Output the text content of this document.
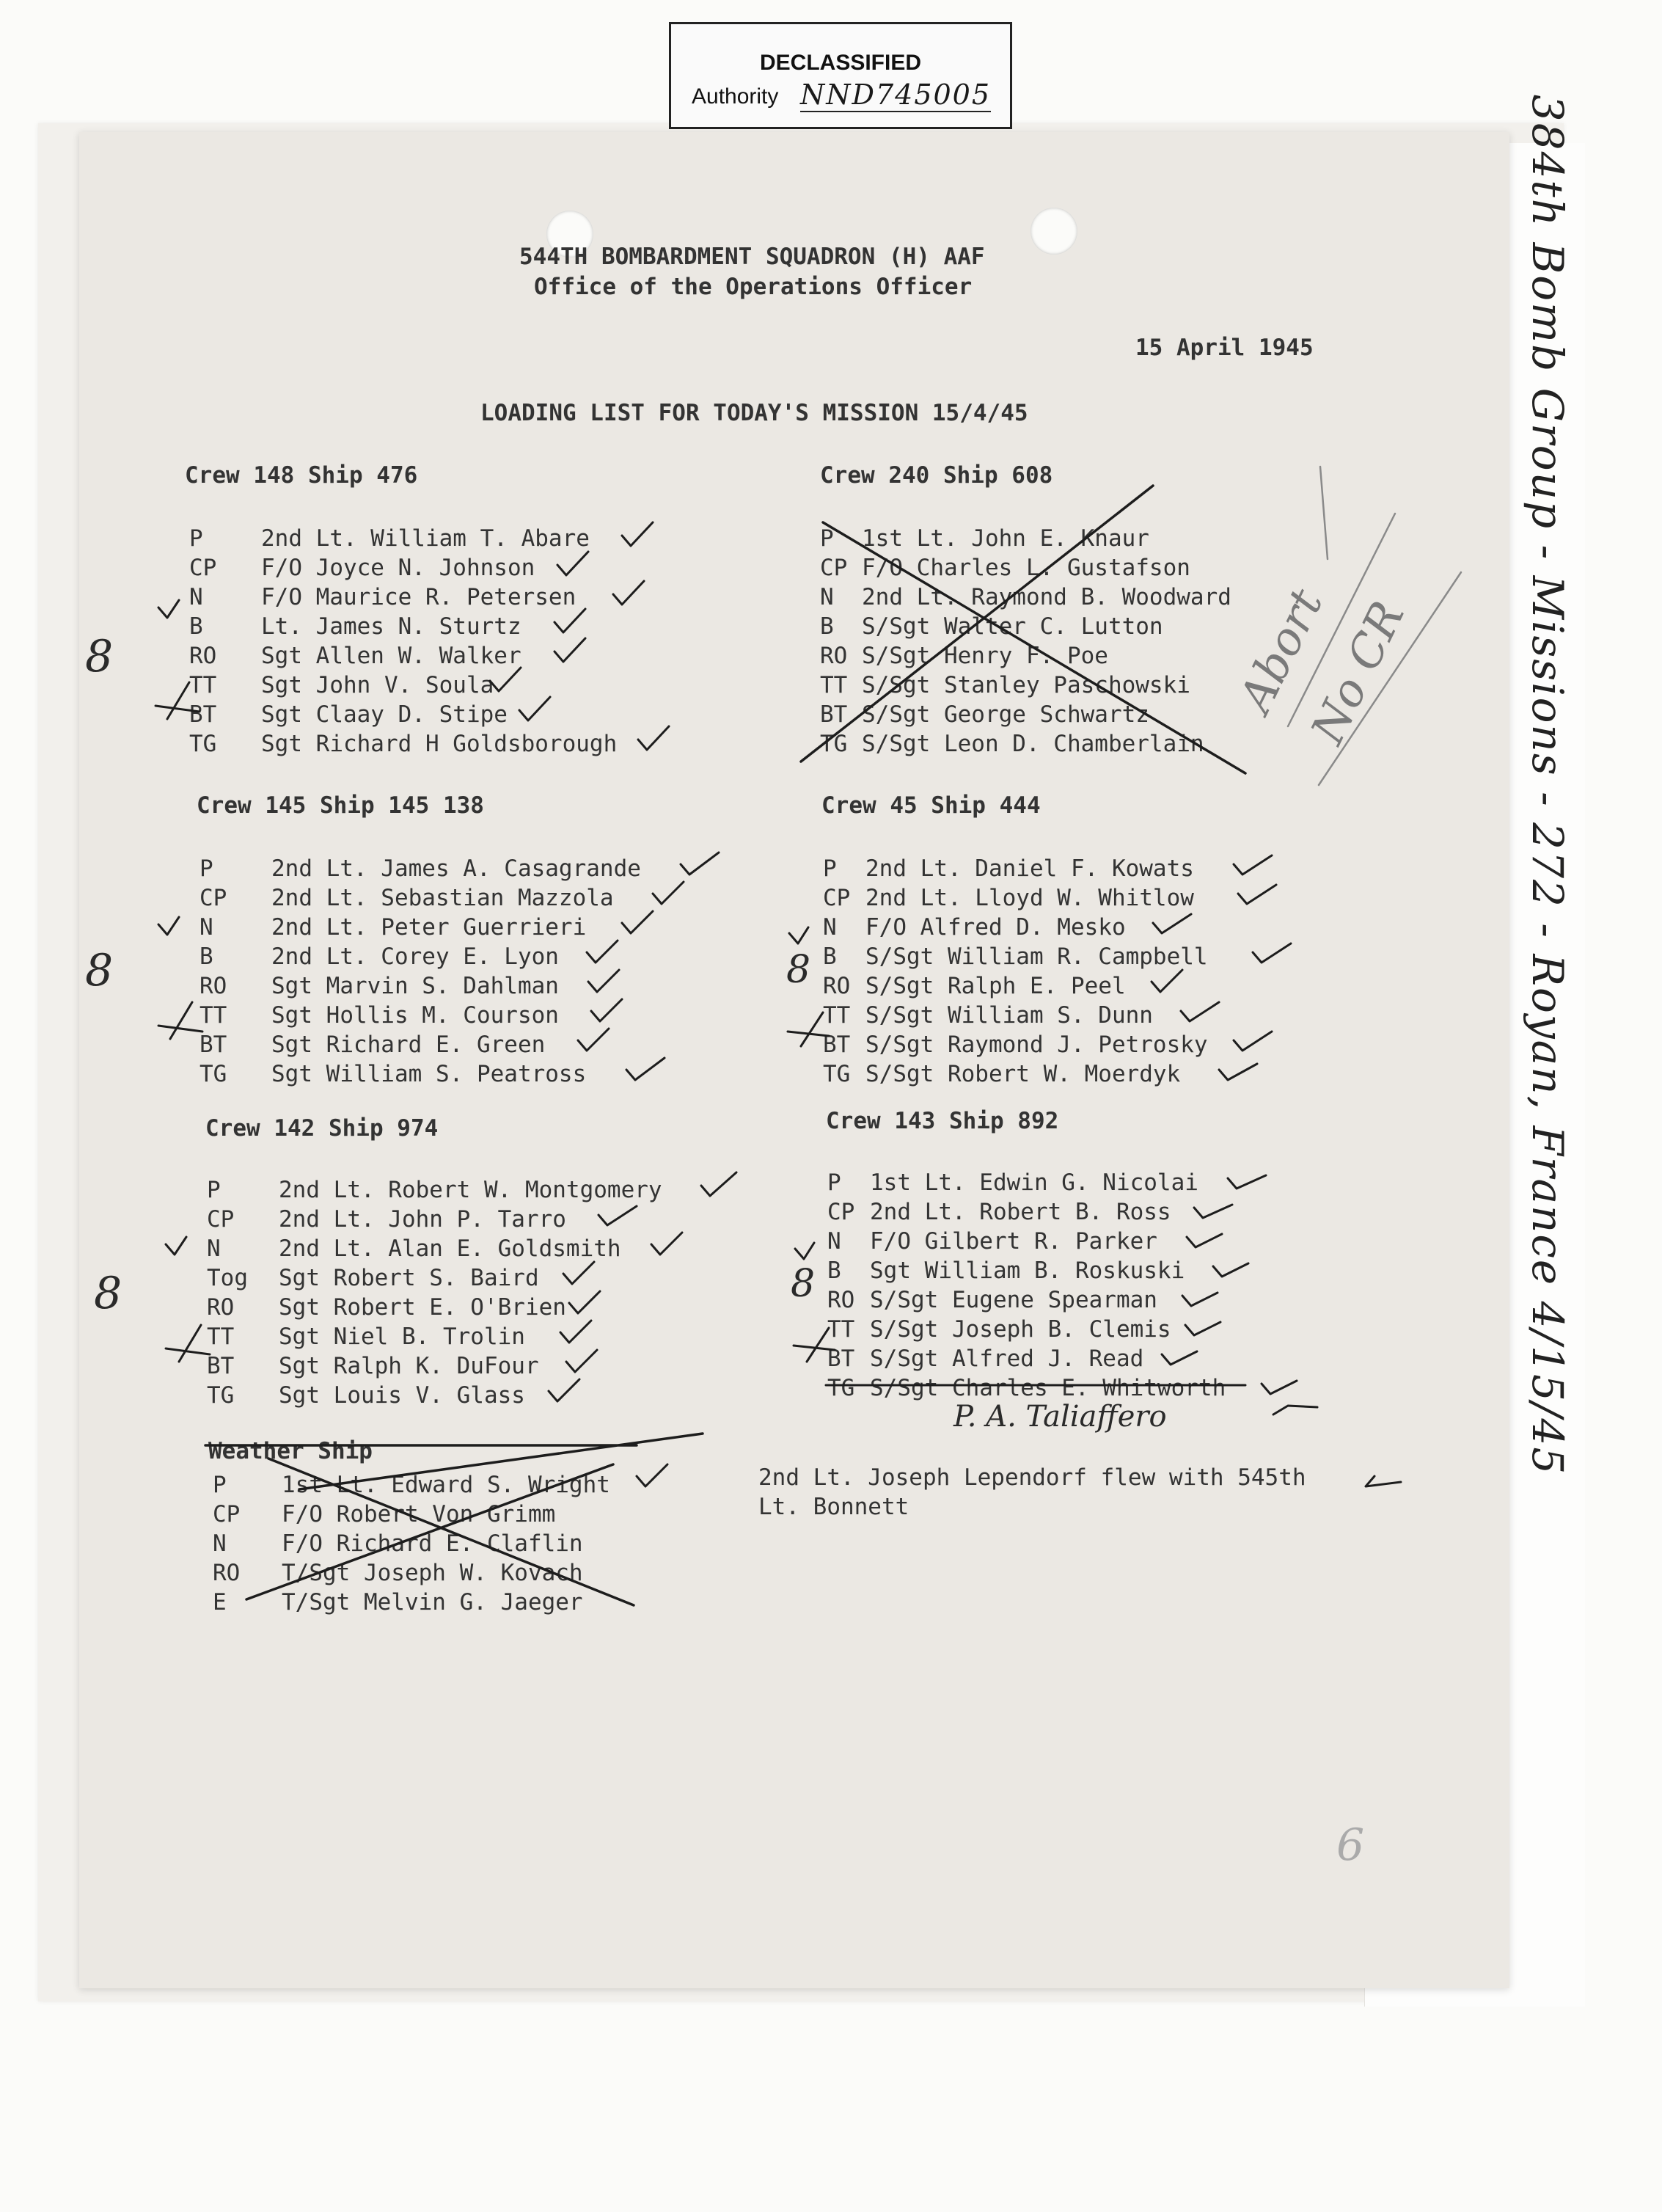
DECLASSIFIED
Authority NND745005	384th Bomb Group - Missions - 272 - Royan, France 4/15/45
544TH BOMBARDMENT SQUADRON (H) AAF
Office of the Operations Officer
15 April 1945
LOADING LIST FOR TODAY'S MISSION 15/4/45
Crew 148 Ship 476
P	2nd Lt. William T. Abare
CP F/O Joyce N. Johnson
N	F/O Maurice R. Petersen
B	Lt. James N. Sturtz
RO Sgt Allen W. Walker
TT Sgt John V. Soula
BT Sgt Claay D. Stipe
TG Sgt Richard H Goldsborough
Crew 240 Ship 608
P 1st Lt. John E. Knaur
CP F/O Charles L. Gustafson
N 2nd Lt. Raymond B. Woodward
B S/Sgt Walter C. Lutton
RO S/Sgt Henry F. Poe
TT S/Sgt Stanley Paschowski
BT S/Sgt George Schwartz
TG S/Sgt Leon D. Chamberlain
Crew 145 Ship 145 138
P	2nd Lt. James A. Casagrande
CP 2nd Lt. Sebastian Mazzola
N	2nd Lt. Peter Guerrieri
B	2nd Lt. Corey E. Lyon
RO Sgt Marvin S. Dahlman
TT Sgt Hollis M. Courson
BT Sgt Richard E. Green
TG Sgt William S. Peatross
Crew 45 Ship 444
P 2nd Lt. Daniel F. Kowats
CP 2nd Lt. Lloyd W. Whitlow
N F/O Alfred D. Mesko
B S/Sgt William R. Campbell
RO S/Sgt Ralph E. Peel
TT S/Sgt William S. Dunn
BT S/Sgt Raymond J. Petrosky
TG S/Sgt Robert W. Moerdyk
Crew 142 Ship 974
P	2nd Lt. Robert W. Montgomery
CP 2nd Lt. John P. Tarro
N	2nd Lt. Alan E. Goldsmith
Tog Sgt Robert S. Baird
RO Sgt Robert E. O'Brien
TT Sgt Niel B. Trolin
BT Sgt Ralph K. DuFour
TG Sgt Louis V. Glass
Crew 143 Ship 892
P 1st Lt. Edwin G. Nicolai
CP 2nd Lt. Robert B. Ross
N F/O Gilbert R. Parker
B Sgt William B. Roskuski
RO S/Sgt Eugene Spearman
TT S/Sgt Joseph B. Clemis
BT S/Sgt Alfred J. Read
TG S/Sgt Charles E. Whitworth
P. A. Taliaffero
Weather Ship
P 1st Lt. Edward S. Wright
CP F/O Robert Von Grimm
N F/O Richard E. Claflin
RO T/Sgt Joseph W. Kovach
E T/Sgt Melvin G. Jaeger
2nd Lt. Joseph Lependorf flew with 545th
Lt. Bonnett
Abort
No CR
8
8
8
8
8
6
